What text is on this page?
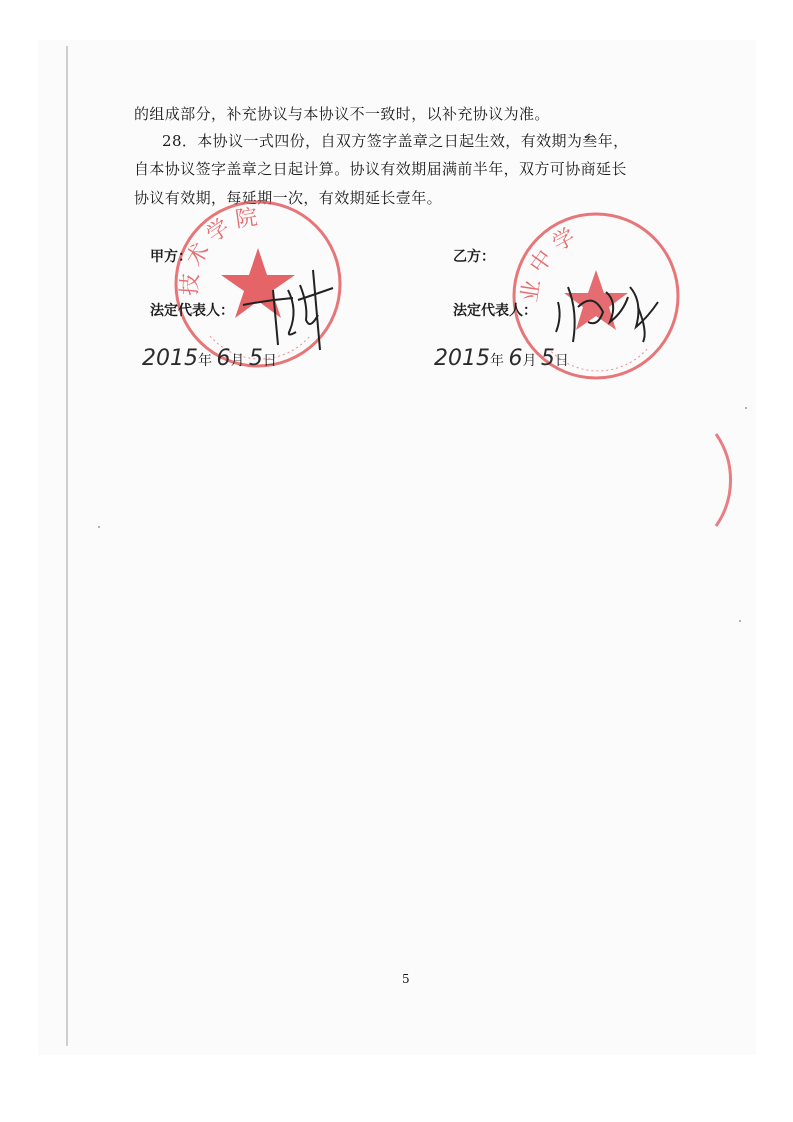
的组成部分，补充协议与本协议不一致时，以补充协议为准。
28．本协议一式四份，自双方签字盖章之日起生效，有效期为叁年，
自本协议签字盖章之日起计算。协议有效期届满前半年，双方可协商延长
协议有效期，每延期一次，有效期延长壹年。
技术学院
业中学
甲方：
法定代表人：
2015年 6月 5日
乙方：
法定代表人：
2015年 6月 5日
5
